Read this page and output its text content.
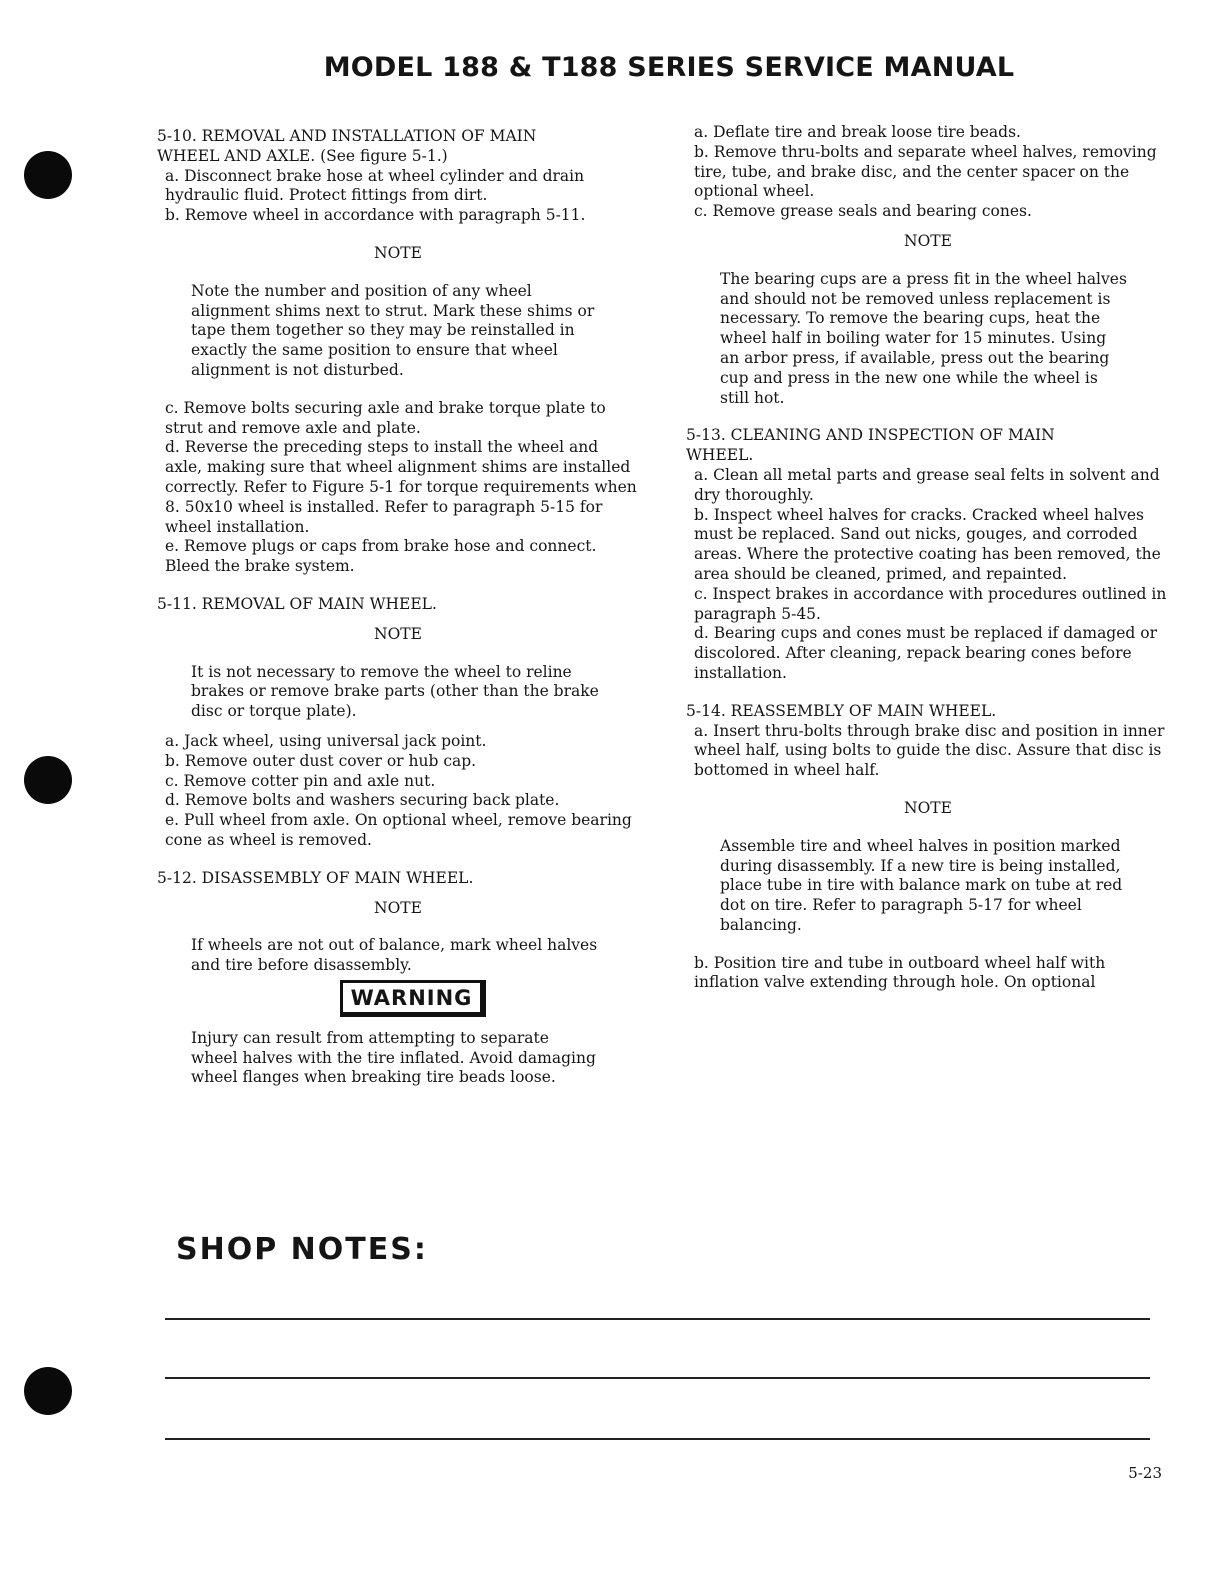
MODEL 188 & T188 SERIES SERVICE MANUAL

5-10. REMOVAL AND INSTALLATION OF MAIN

WHEEL AND AXLE. (See figure 5-1.)

a. Disconnect brake hose at wheel cylinder and drain hydraulic fluid. Protect fittings from dirt.

b. Remove wheel in accordance with paragraph 5-11.

NOTE

Note the number and position of any wheel alignment shims next to strut. Mark these shims or tape them together so they may be reinstalled in exactly the same position to ensure that wheel alignment is not disturbed.

c. Remove bolts securing axle and brake torque plate to strut and remove axle and plate.

d. Reverse the preceding steps to install the wheel and axle, making sure that wheel alignment shims are installed correctly. Refer to Figure 5-1 for torque requirements when 8. 50x10 wheel is installed. Refer to paragraph 5-15 for wheel installation.

e. Remove plugs or caps from brake hose and connect. Bleed the brake system.

5-11. REMOVAL OF MAIN WHEEL.

NOTE

It is not necessary to remove the wheel to reline brakes or remove brake parts (other than the brake disc or torque plate).

a. Jack wheel, using universal jack point.

b. Remove outer dust cover or hub cap.

c. Remove cotter pin and axle nut.

d. Remove bolts and washers securing back plate.

e. Pull wheel from axle. On optional wheel, remove bearing cone as wheel is removed.

5-12. DISASSEMBLY OF MAIN WHEEL.

NOTE

If wheels are not out of balance, mark wheel halves and tire before disassembly.

WARNING

Injury can result from attempting to separate wheel halves with the tire inflated. Avoid damaging wheel flanges when breaking tire beads loose.

a. Deflate tire and break loose tire beads.

b. Remove thru-bolts and separate wheel halves, removing tire, tube, and brake disc, and the center spacer on the optional wheel.

c. Remove grease seals and bearing cones.

NOTE

The bearing cups are a press fit in the wheel halves and should not be removed unless replacement is necessary. To remove the bearing cups, heat the wheel half in boiling water for 15 minutes. Using an arbor press, if available, press out the bearing cup and press in the new one while the wheel is still hot.

5-13. CLEANING AND INSPECTION OF MAIN

WHEEL.

a. Clean all metal parts and grease seal felts in solvent and dry thoroughly.

b. Inspect wheel halves for cracks. Cracked wheel halves must be replaced. Sand out nicks, gouges, and corroded areas. Where the protective coating has been removed, the area should be cleaned, primed, and repainted.

c. Inspect brakes in accordance with procedures outlined in paragraph 5-45.

d. Bearing cups and cones must be replaced if damaged or discolored. After cleaning, repack bearing cones before installation.

5-14. REASSEMBLY OF MAIN WHEEL.

a. Insert thru-bolts through brake disc and position in inner wheel half, using bolts to guide the disc. Assure that disc is bottomed in wheel half.

NOTE

Assemble tire and wheel halves in position marked during disassembly. If a new tire is being installed, place tube in tire with balance mark on tube at red dot on tire. Refer to paragraph 5-17 for wheel balancing.

b. Position tire and tube in outboard wheel half with inflation valve extending through hole. On optional

SHOP NOTES:
5-23
